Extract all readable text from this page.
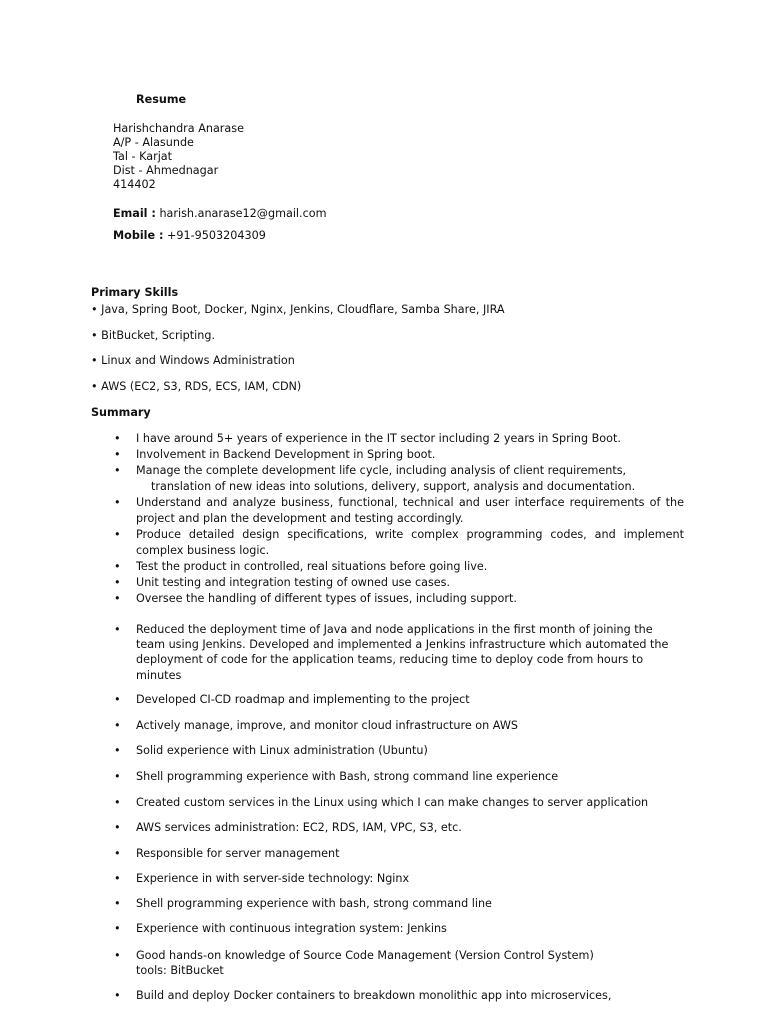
Resume
Harishchandra Anarase
A/P - Alasunde
Tal - Karjat
Dist - Ahmednagar
414402
Email : harish.anarase12@gmail.com
Mobile : +91-9503204309
Primary Skills
• Java, Spring Boot, Docker, Nginx, Jenkins, Cloudflare, Samba Share, JIRA
• BitBucket, Scripting.
• Linux and Windows Administration
• AWS (EC2, S3, RDS, ECS, IAM, CDN)
Summary
• I have around 5+ years of experience in the IT sector including 2 years in Spring Boot.
• Involvement in Backend Development in Spring boot.
• Manage the complete development life cycle, including analysis of client requirements,
translation of new ideas into solutions, delivery, support, analysis and documentation.
• Understand and analyze business, functional, technical and user interface requirements of the project and plan the development and testing accordingly.
• Produce detailed design specifications, write complex programming codes, and implement complex business logic.
• Test the product in controlled, real situations before going live.
• Unit testing and integration testing of owned use cases.
• Oversee the handling of different types of issues, including support.
• Reduced the deployment time of Java and node applications in the first month of joining the team using Jenkins. Developed and implemented a Jenkins infrastructure which automated the deployment of code for the application teams, reducing time to deploy code from hours to minutes
• Developed CI-CD roadmap and implementing to the project
• Actively manage, improve, and monitor cloud infrastructure on AWS
• Solid experience with Linux administration (Ubuntu)
• Shell programming experience with Bash, strong command line experience
• Created custom services in the Linux using which I can make changes to server application
• AWS services administration: EC2, RDS, IAM, VPC, S3, etc.
• Responsible for server management
• Experience in with server-side technology: Nginx
• Shell programming experience with bash, strong command line
• Experience with continuous integration system: Jenkins
• Good hands-on knowledge of Source Code Management (Version Control System)
tools: BitBucket
• Build and deploy Docker containers to breakdown monolithic app into microservices,
